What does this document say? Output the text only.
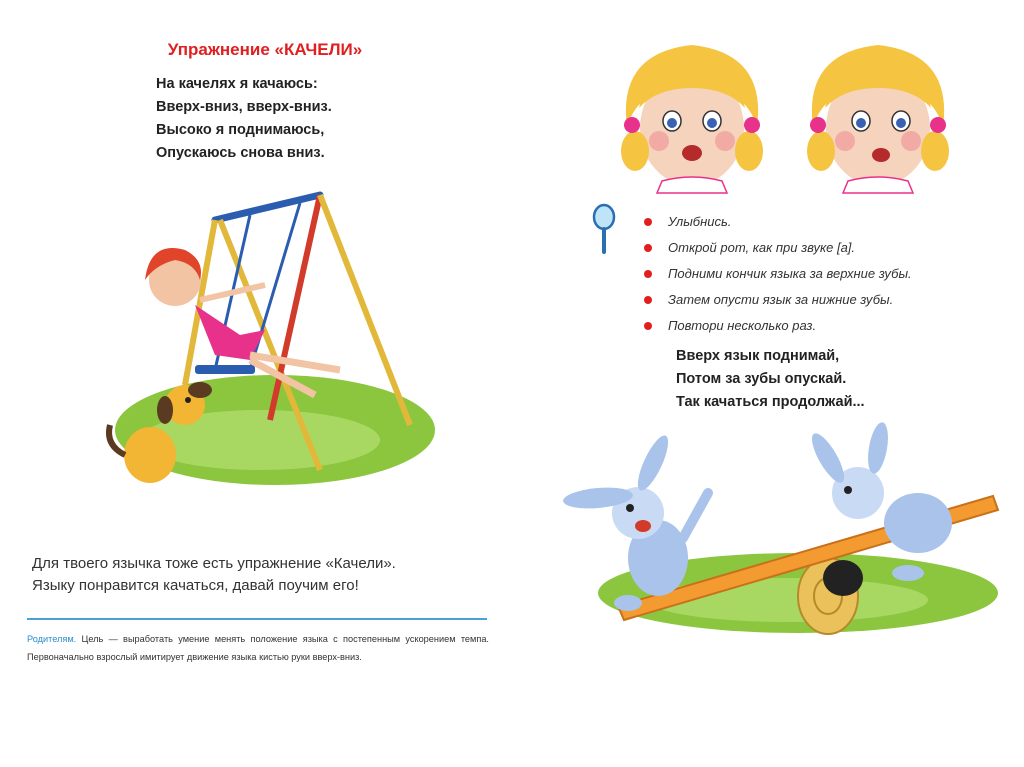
Упражнение «КАЧЕЛИ»
На качелях я качаюсь:
Вверх-вниз, вверх-вниз.
Высоко я поднимаюсь,
Опускаюсь снова вниз.
Для твоего язычка тоже есть упражнение «Качели».
Языку понравится качаться, давай поучим его!
Родителям. Цель — выработать умение менять положение языка с постепенным ускорением темпа. Первоначально взрослый имитирует движение языка кистью руки вверх-вниз.
Улыбнись.
Открой рот, как при звуке [а].
Подними кончик языка за верхние зубы.
Затем опусти язык за нижние зубы.
Повтори несколько раз.
Вверх язык поднимай,
Потом за зубы опускай.
Так качаться продолжай...
